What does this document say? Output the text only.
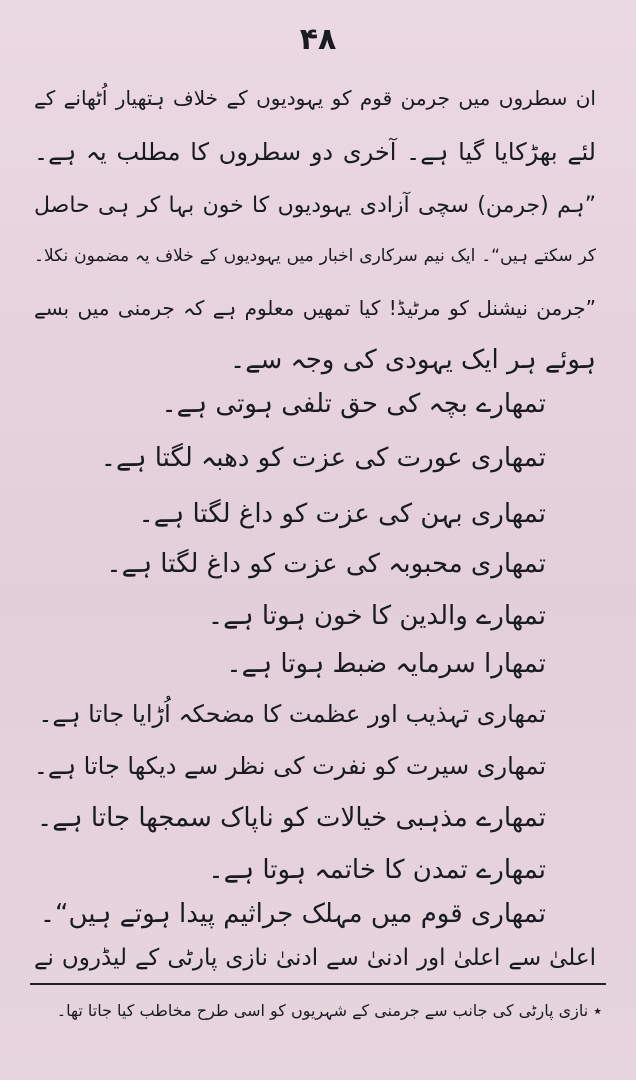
۴۸
ان سطروں میں جرمن قوم کو یہودیوں کے خلاف ہتھیار اُٹھانے کے
لئے بھڑکایا گیا ہے۔ آخری دو سطروں کا مطلب یہ ہے۔
”ہم (جرمن) سچی آزادی یہودیوں کا خون بہا کر ہی حاصل
کر سکتے ہیں“۔ ایک نیم سرکاری اخبار میں یہودیوں کے خلاف یہ مضمون نکلا۔
”جرمن نیشنل کو مرٹیڈ! کیا تمھیں معلوم ہے کہ جرمنی میں بسے
ہوئے ہر ایک یہودی کی وجہ سے۔
تمھارے بچہ کی حق تلفی ہوتی ہے۔
تمھاری عورت کی عزت کو دھبہ لگتا ہے۔
تمھاری بہن کی عزت کو داغ لگتا ہے۔
تمھاری محبوبہ کی عزت کو داغ لگتا ہے۔
تمھارے والدین کا خون ہوتا ہے۔
تمھارا سرمایہ ضبط ہوتا ہے۔
تمھاری تہذیب اور عظمت کا مضحکہ اُڑایا جاتا ہے۔
تمھاری سیرت کو نفرت کی نظر سے دیکھا جاتا ہے۔
تمھارے مذہبی خیالات کو ناپاک سمجھا جاتا ہے۔
تمھارے تمدن کا خاتمہ ہوتا ہے۔
تمھاری قوم میں مہلک جراثیم پیدا ہوتے ہیں“۔
اعلیٰ سے اعلیٰ اور ادنیٰ سے ادنیٰ نازی پارٹی کے لیڈروں نے
٭ نازی پارٹی کی جانب سے جرمنی کے شہریوں کو اسی طرح مخاطب کیا جاتا تھا۔
